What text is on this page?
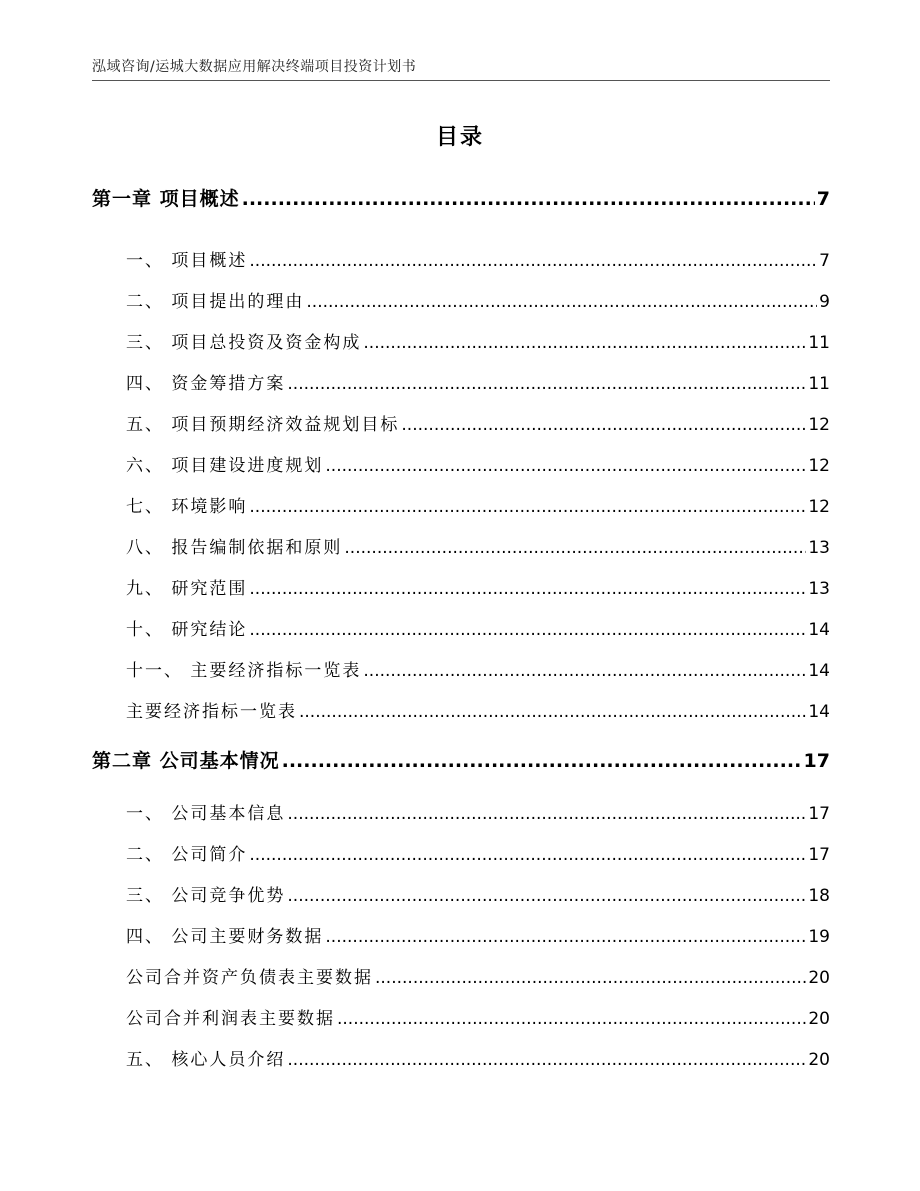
泓域咨询/运城大数据应用解决终端项目投资计划书
目录
第一章 项目概述 .....	7
一、 项目概述 .....	7
二、 项目提出的理由 .....	9
三、 项目总投资及资金构成 .....	11
四、 资金筹措方案 .....	11
五、 项目预期经济效益规划目标 .....	12
六、 项目建设进度规划 .....	12
七、 环境影响 .....	12
八、 报告编制依据和原则 .....	13
九、 研究范围 .....	13
十、 研究结论 .....	14
十一、 主要经济指标一览表 .....	14
主要经济指标一览表 .....	14
第二章 公司基本情况 .....	17
一、 公司基本信息 .....	17
二、 公司简介 .....	17
三、 公司竞争优势 .....	18
四、 公司主要财务数据 .....	19
公司合并资产负债表主要数据 .....	20
公司合并利润表主要数据 .....	20
五、 核心人员介绍 .....	20
